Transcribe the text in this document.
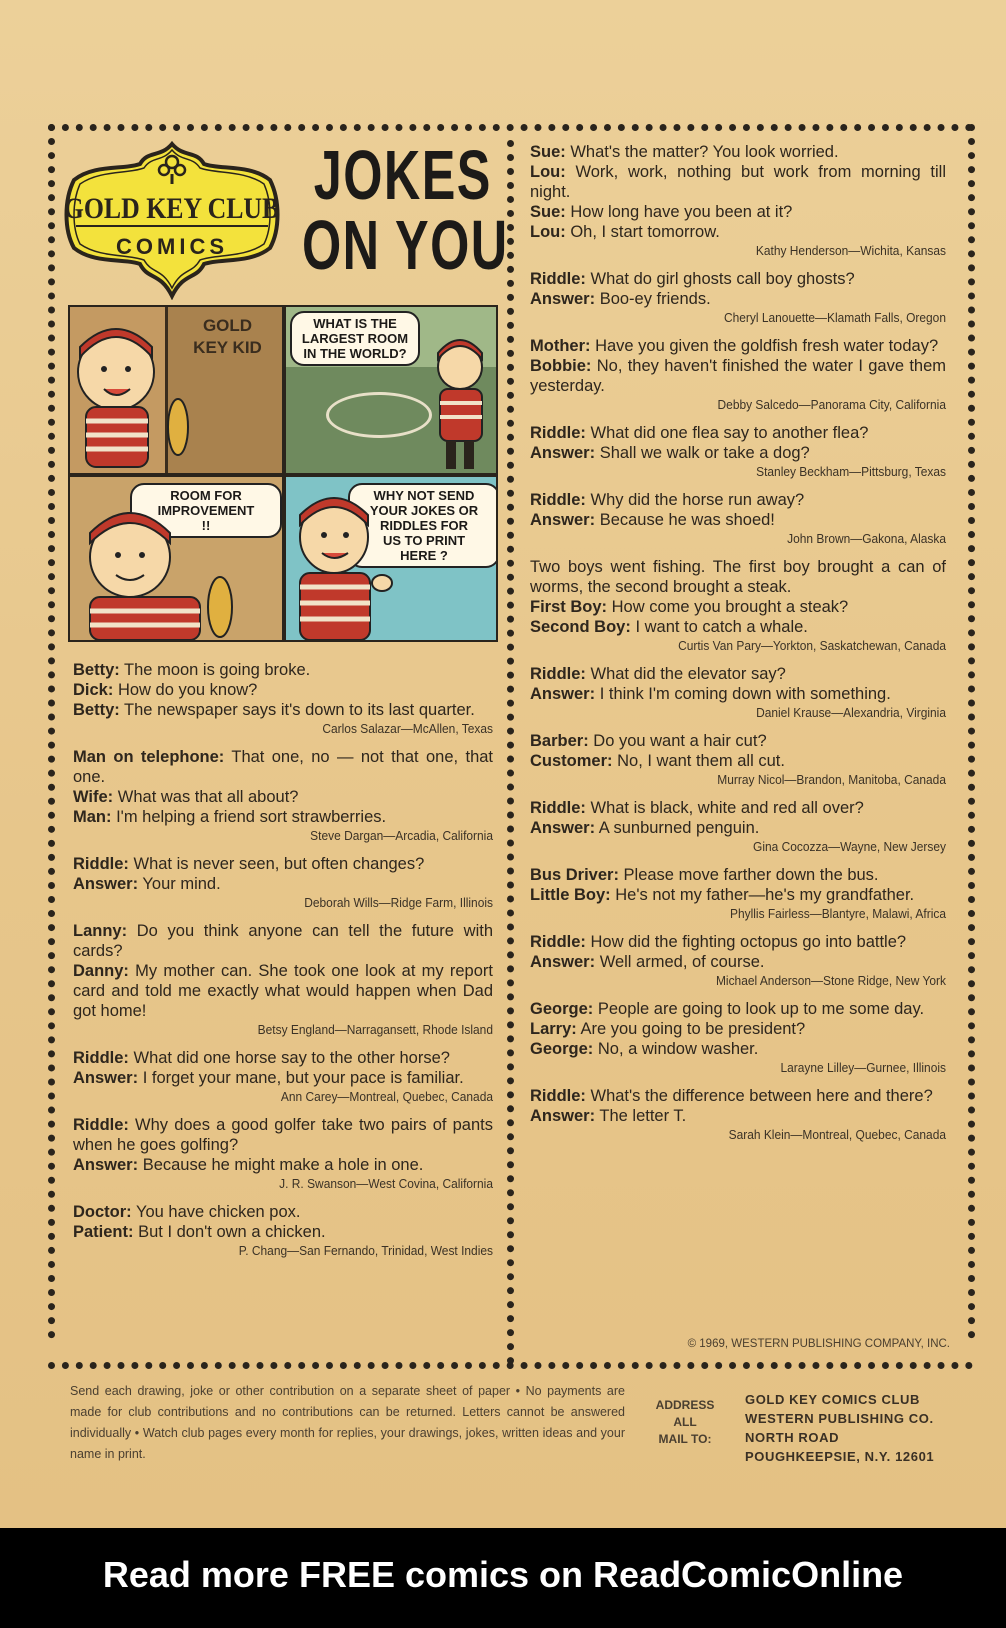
GOLD KEY CLUB
COMICS
JOKES
ON YOU
GOLD
KEY KID
WHAT IS THE
LARGEST ROOM
IN THE WORLD?
ROOM FOR
IMPROVEMENT
!!
WHY NOT SEND
YOUR JOKES OR
RIDDLES FOR
US TO PRINT
HERE ?

Betty: The moon is going broke.

Dick: How do you know?

Betty: The newspaper says it's down to its last quarter.

Carlos Salazar—McAllen, Texas

Man on telephone: That one, no — not that one, that one.

Wife: What was that all about?

Man: I'm helping a friend sort strawberries.

Steve Dargan—Arcadia, California

Riddle: What is never seen, but often changes?

Answer: Your mind.

Deborah Wills—Ridge Farm, Illinois

Lanny: Do you think anyone can tell the future with cards?

Danny: My mother can. She took one look at my report card and told me exactly what would happen when Dad got home!

Betsy England—Narragansett, Rhode Island

Riddle: What did one horse say to the other horse?

Answer: I forget your mane, but your pace is familiar.

Ann Carey—Montreal, Quebec, Canada

Riddle: Why does a good golfer take two pairs of pants when he goes golfing?

Answer: Because he might make a hole in one.

J. R. Swanson—West Covina, California

Doctor: You have chicken pox.

Patient: But I don't own a chicken.

P. Chang—San Fernando, Trinidad, West Indies

Sue: What's the matter? You look worried.

Lou: Work, work, nothing but work from morning till night.

Sue: How long have you been at it?

Lou: Oh, I start tomorrow.

Kathy Henderson—Wichita, Kansas

Riddle: What do girl ghosts call boy ghosts?

Answer: Boo-ey friends.

Cheryl Lanouette—Klamath Falls, Oregon

Mother: Have you given the goldfish fresh water today?

Bobbie: No, they haven't finished the water I gave them yesterday.

Debby Salcedo—Panorama City, California

Riddle: What did one flea say to another flea?

Answer: Shall we walk or take a dog?

Stanley Beckham—Pittsburg, Texas

Riddle: Why did the horse run away?

Answer: Because he was shoed!

John Brown—Gakona, Alaska

Two boys went fishing. The first boy brought a can of worms, the second brought a steak.

First Boy: How come you brought a steak?

Second Boy: I want to catch a whale.

Curtis Van Pary—Yorkton, Saskatchewan, Canada

Riddle: What did the elevator say?

Answer: I think I'm coming down with something.

Daniel Krause—Alexandria, Virginia

Barber: Do you want a hair cut?

Customer: No, I want them all cut.

Murray Nicol—Brandon, Manitoba, Canada

Riddle: What is black, white and red all over?

Answer: A sunburned penguin.

Gina Cocozza—Wayne, New Jersey

Bus Driver: Please move farther down the bus.

Little Boy: He's not my father—he's my grandfather.

Phyllis Fairless—Blantyre, Malawi, Africa

Riddle: How did the fighting octopus go into battle?

Answer: Well armed, of course.

Michael Anderson—Stone Ridge, New York

George: People are going to look up to me some day.

Larry: Are you going to be president?

George: No, a window washer.

Larayne Lilley—Gurnee, Illinois

Riddle: What's the difference between here and there?

Answer: The letter T.

Sarah Klein—Montreal, Quebec, Canada
© 1969, WESTERN PUBLISHING COMPANY, INC.
Send each drawing, joke or other contribution on a separate sheet of paper • No payments are made for club contributions and no contributions can be returned. Letters cannot be answered individually • Watch club pages every month for replies, your drawings, jokes, written ideas and your name in print.
ADDRESS
ALL
MAIL TO:
GOLD KEY COMICS CLUB
WESTERN PUBLISHING CO.
NORTH ROAD
POUGHKEEPSIE, N.Y. 12601
Read more FREE comics on ReadComicOnline
